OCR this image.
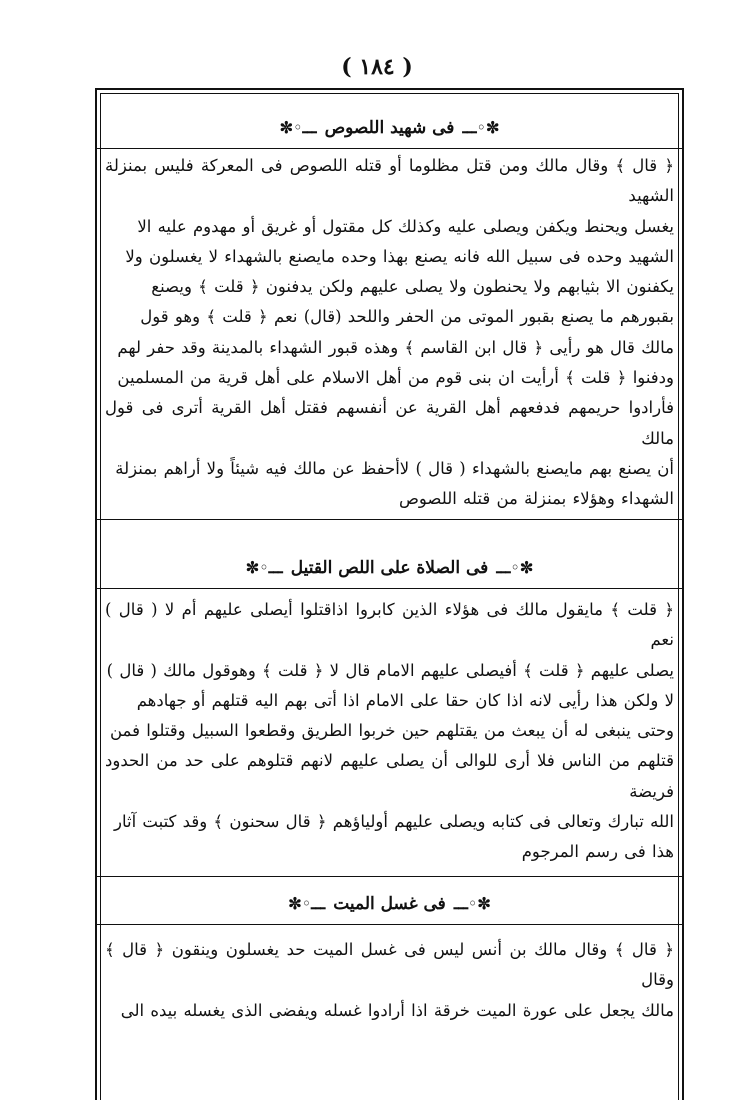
( ١٨٤ )
✼◦ـــ
فى شهيد اللصوص
ـــ◦✼

﴿ قال ﴾ وقال مالك ومن قتل مظلوما أو قتله اللصوص فى المعركة فليس بمنزلة الشهيد

يغسل ويحنط ويكفن ويصلى عليه وكذلك كل مقتول أو غريق أو مهدوم عليه الا

الشهيد وحده فى سبيل الله فانه يصنع بهذا وحده مايصنع بالشهداء لا يغسلون ولا

يكفنون الا بثيابهم ولا يحنطون ولا يصلى عليهم ولكن يدفنون ﴿ قلت ﴾ ويصنع

بقبورهم ما يصنع بقبور الموتى من الحفر واللحد (قال) نعم ﴿ قلت ﴾ وهو قول

مالك قال هو رأيى ﴿ قال ابن القاسم ﴾ وهذه قبور الشهداء بالمدينة وقد حفر لهم

ودفنوا ﴿ قلت ﴾ أرأيت ان بنى قوم من أهل الاسلام على أهل قرية من المسلمين

فأرادوا حريمهم فدفعهم أهل القرية عن أنفسهم فقتل أهل القرية أترى فى قول مالك

أن يصنع بهم مايصنع بالشهداء ( قال ) لاأحفظ عن مالك فيه شيئاً ولا أراهم بمنزلة

الشهداء وهؤلاء بمنزلة من قتله اللصوص

✼◦ـــ
فى الصلاة على اللص القتيل
ـــ◦✼

﴿ قلت ﴾ مايقول مالك فى هؤلاء الذين كابروا اذاقتلوا أيصلى عليهم أم لا ( قال ) نعم

يصلى عليهم ﴿ قلت ﴾ أفيصلى عليهم الامام قال لا ﴿ قلت ﴾ وهوقول مالك ( قال )

لا ولكن هذا رأيى لانه اذا كان حقا على الامام اذا أتى بهم اليه قتلهم أو جهادهم

وحتى ينبغى له أن يبعث من يقتلهم حين خربوا الطريق وقطعوا السبيل وقتلوا فمن

قتلهم من الناس فلا أرى للوالى أن يصلى عليهم لانهم قتلوهم على حد من الحدود فريضة

الله تبارك وتعالى فى كتابه ويصلى عليهم أولياؤهم ﴿ قال سحنون ﴾ وقد كتبت آثار

هذا فى رسم المرجوم

✼◦ـــ
فى غسل الميت
ـــ◦✼

﴿ قال ﴾ وقال مالك بن أنس ليس فى غسل الميت حد يغسلون وينقون ﴿ قال ﴾ وقال

مالك يجعل على عورة الميت خرقة اذا أرادوا غسله ويفضى الذى يغسله بيده الى
